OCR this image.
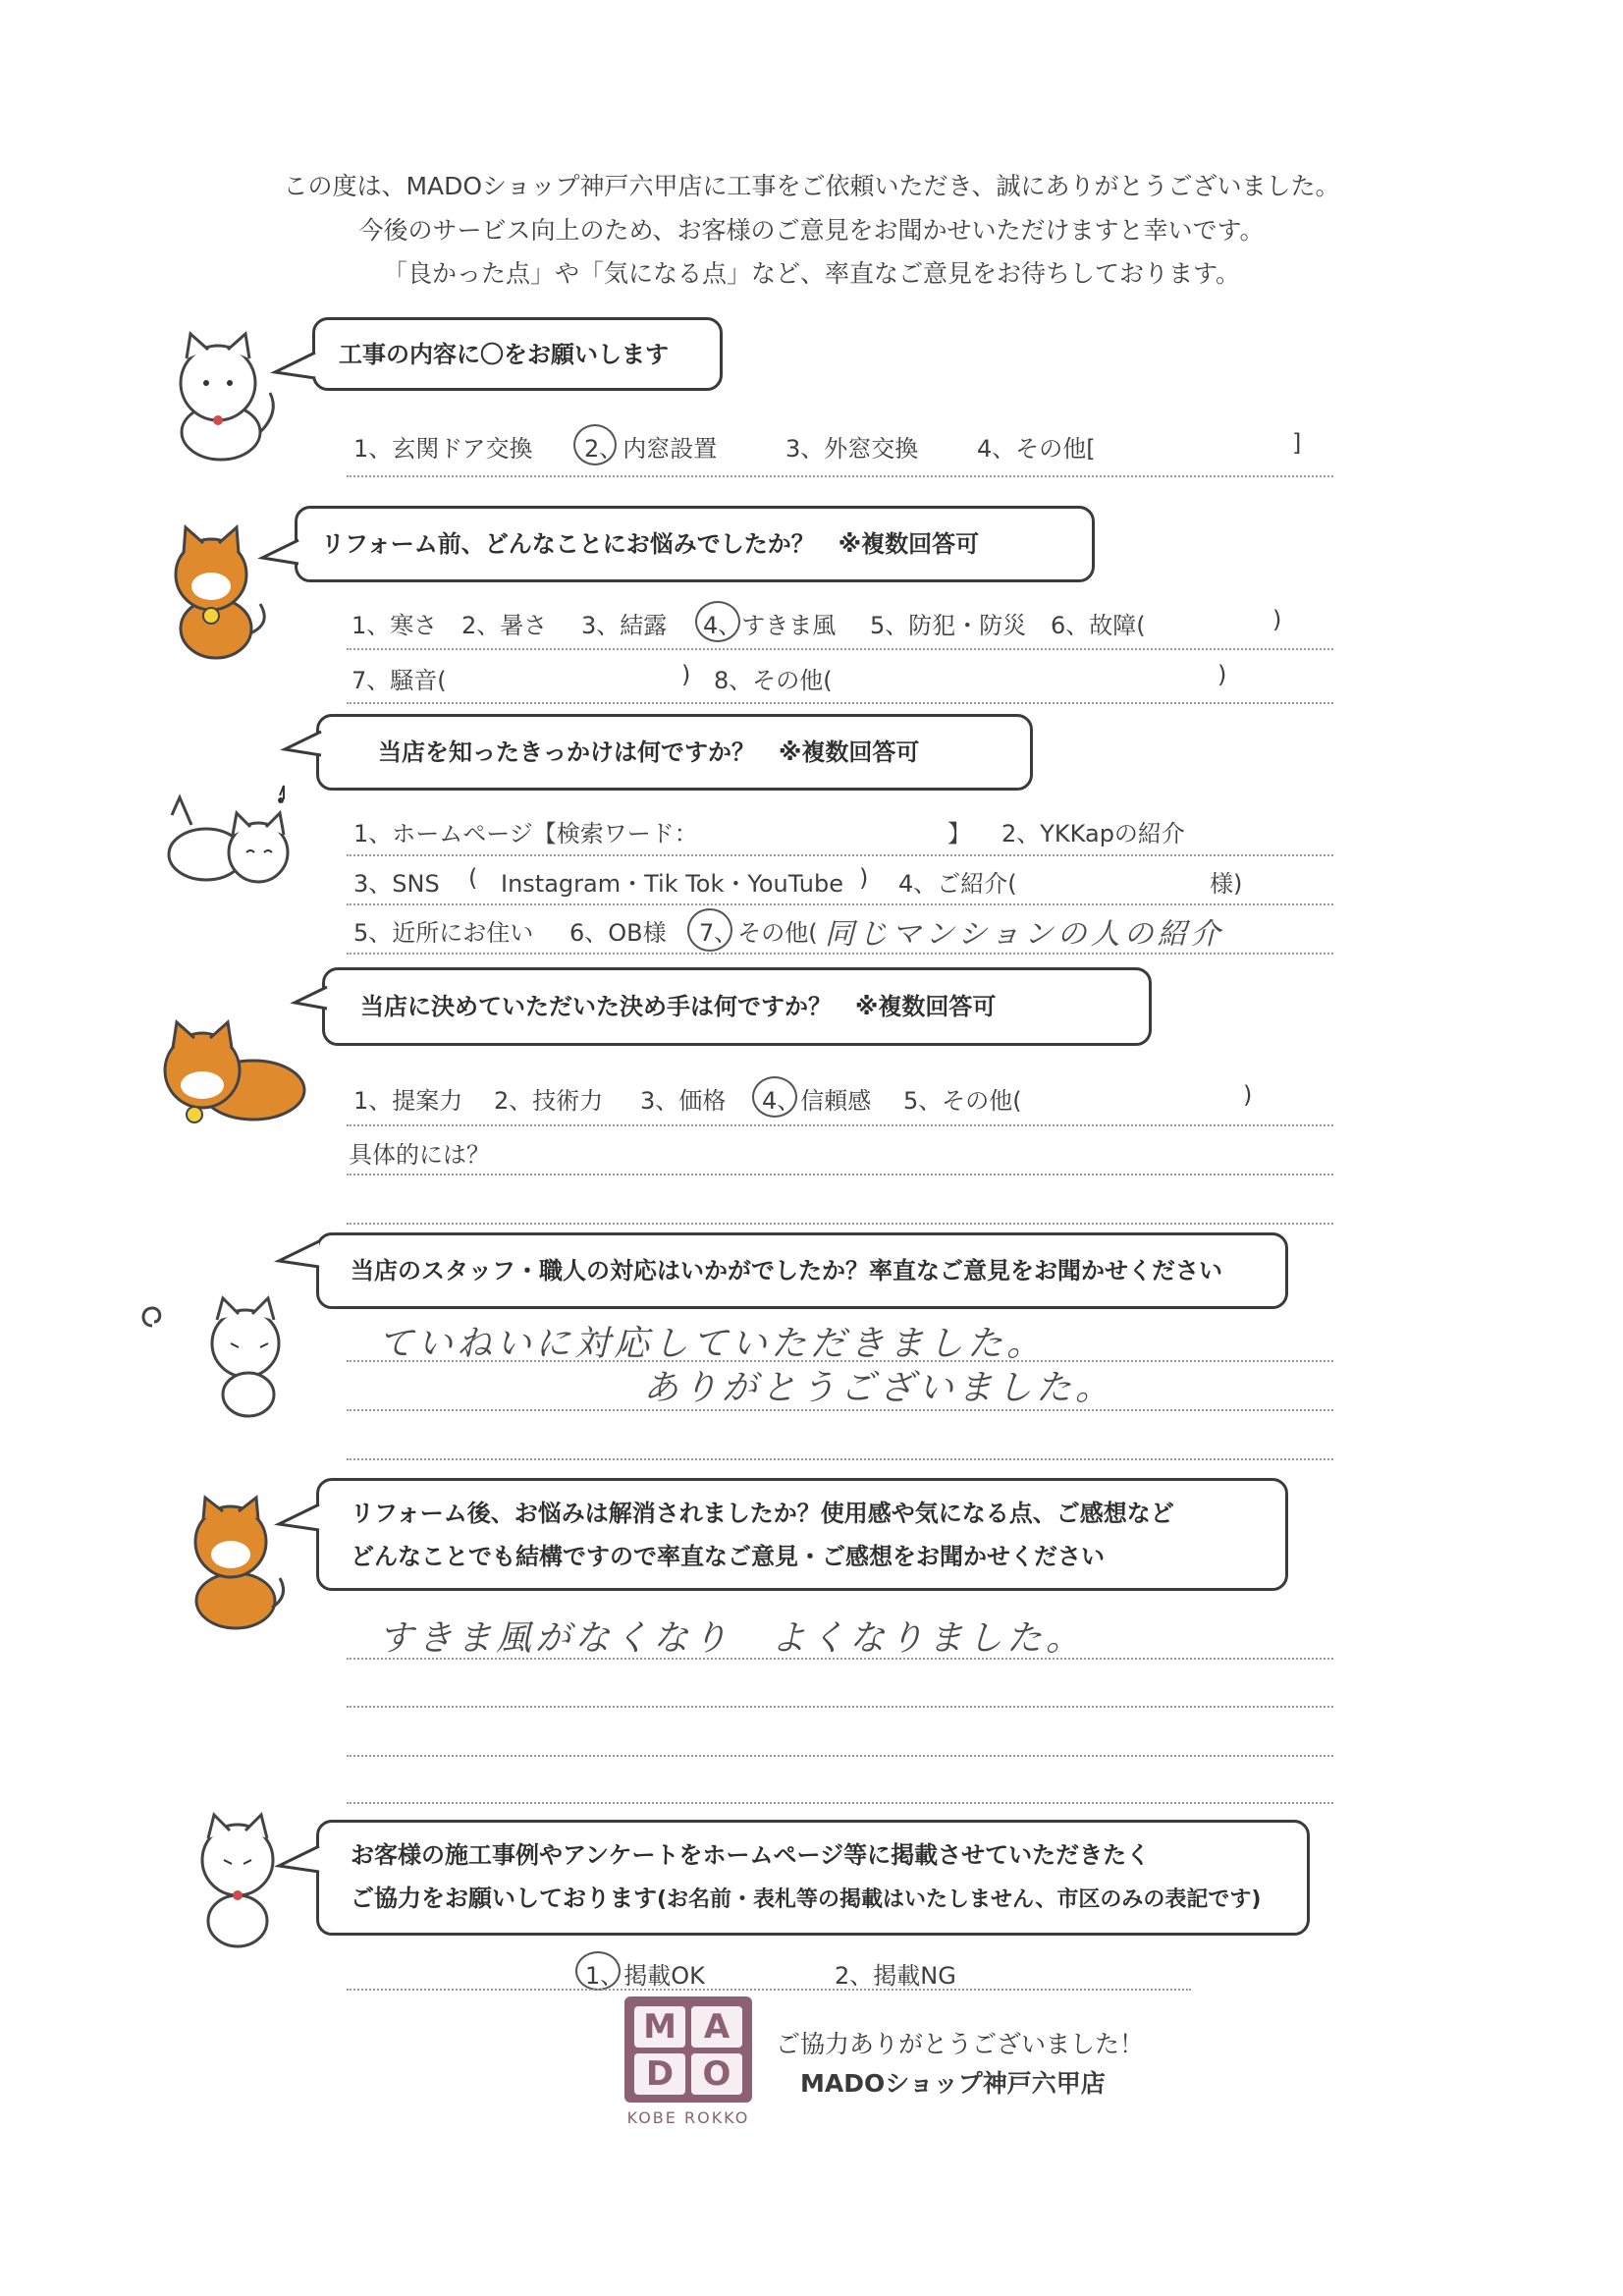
この度は、MADOショップ神戸六甲店に工事をご依頼いただき、誠にありがとうございました。
今後のサービス向上のため、お客様のご意見をお聞かせいただけますと幸いです。
「良かった点」や「気になる点」など、率直なご意見をお待ちしております。
工事の内容に〇をお願いします
1、玄関ドア交換 2、内窓設置	3、外窓交換 4、その他[	]
リフォーム前、どんなことにお悩みでしたか？　※複数回答可
1、寒さ 2、暑さ 3、結露 4、すきま風 5、防犯・防災 6、故障(	)
7、騒音(	) 8、その他(	)
当店を知ったきっかけは何ですか？　※複数回答可
1、ホームページ【検索ワード：	】 2、YKKapの紹介
3、SNS ( Instagram・Tik Tok・YouTube ) 4、ご紹介(	様)
5、近所にお住い 6、OB様 7、その他( 同じマンションの人の紹介
当店に決めていただいた決め手は何ですか？　※複数回答可
1、提案力 2、技術力 3、価格 4、信頼感 5、その他(	)
具体的には？
当店のスタッフ・職人の対応はいかがでしたか？率直なご意見をお聞かせください
ていねいに対応していただきました。
ありがとうございました。
リフォーム後、お悩みは解消されましたか？使用感や気になる点、ご感想など
どんなことでも結構ですので率直なご意見・ご感想をお聞かせください
すきま風がなくなり　よくなりました。
お客様の施工事例やアンケートをホームページ等に掲載させていただきたく
ご協力をお願いしております(お名前・表札等の掲載はいたしません、市区のみの表記です)
1、掲載OK	2、掲載NG
M A
D O
KOBE ROKKO
ご協力ありがとうございました！
MADOショップ神戸六甲店
